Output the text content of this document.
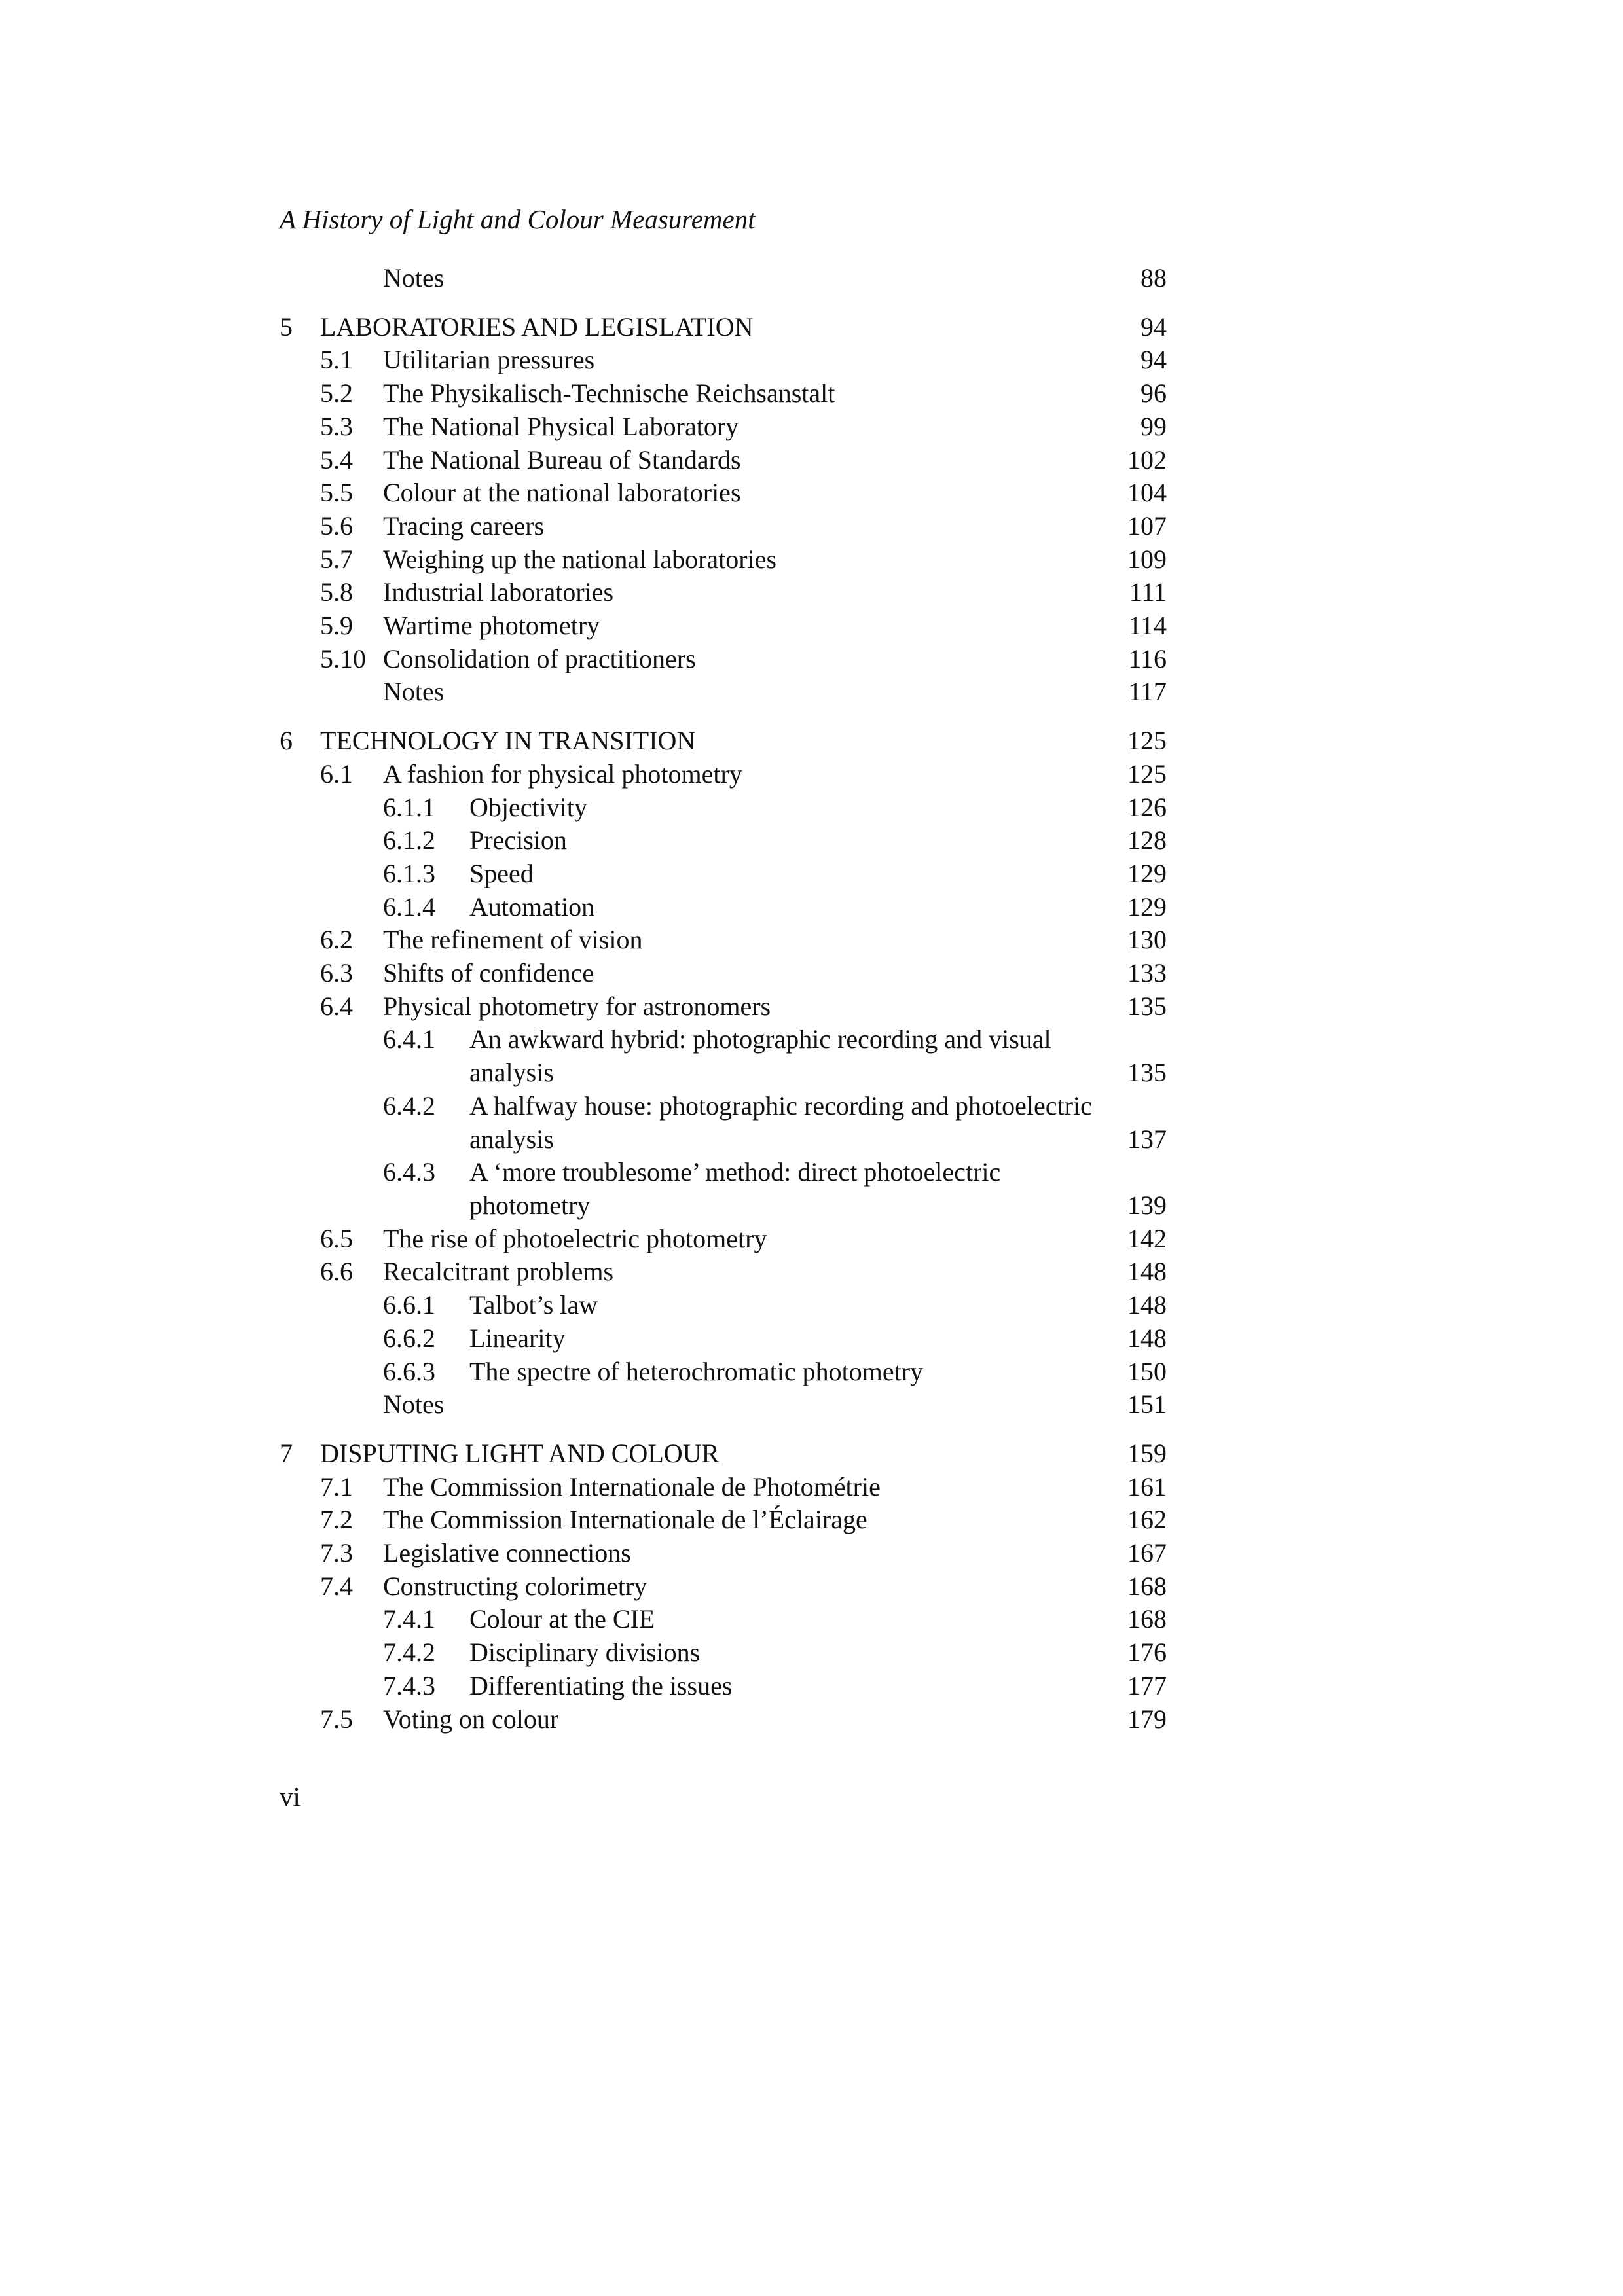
A History of Light and Colour Measurement
Notes	88
5 LABORATORIES AND LEGISLATION	94
5.1 Utilitarian pressures	94
5.2 The Physikalisch-Technische Reichsanstalt	96
5.3 The National Physical Laboratory	99
5.4 The National Bureau of Standards	102
5.5 Colour at the national laboratories	104
5.6 Tracing careers	107
5.7 Weighing up the national laboratories	109
5.8 Industrial laboratories	111
5.9 Wartime photometry	114
5.10 Consolidation of practitioners	116
Notes	117
6 TECHNOLOGY IN TRANSITION	125
6.1 A fashion for physical photometry	125
6.1.1 Objectivity	126
6.1.2 Precision	128
6.1.3 Speed	129
6.1.4 Automation	129
6.2 The refinement of vision	130
6.3 Shifts of confidence	133
6.4 Physical photometry for astronomers	135
6.4.1 An awkward hybrid: photographic recording and visual analysis	135
6.4.2 A halfway house: photographic recording and photoelectric analysis	137
6.4.3 A ‘more troublesome’ method: direct photoelectric photometry	139
6.5 The rise of photoelectric photometry	142
6.6 Recalcitrant problems	148
6.6.1 Talbot’s law	148
6.6.2 Linearity	148
6.6.3 The spectre of heterochromatic photometry	150
Notes	151
7 DISPUTING LIGHT AND COLOUR	159
7.1 The Commission Internationale de Photométrie	161
7.2 The Commission Internationale de l’Éclairage	162
7.3 Legislative connections	167
7.4 Constructing colorimetry	168
7.4.1 Colour at the CIE	168
7.4.2 Disciplinary divisions	176
7.4.3 Differentiating the issues	177
7.5 Voting on colour	179
vi
